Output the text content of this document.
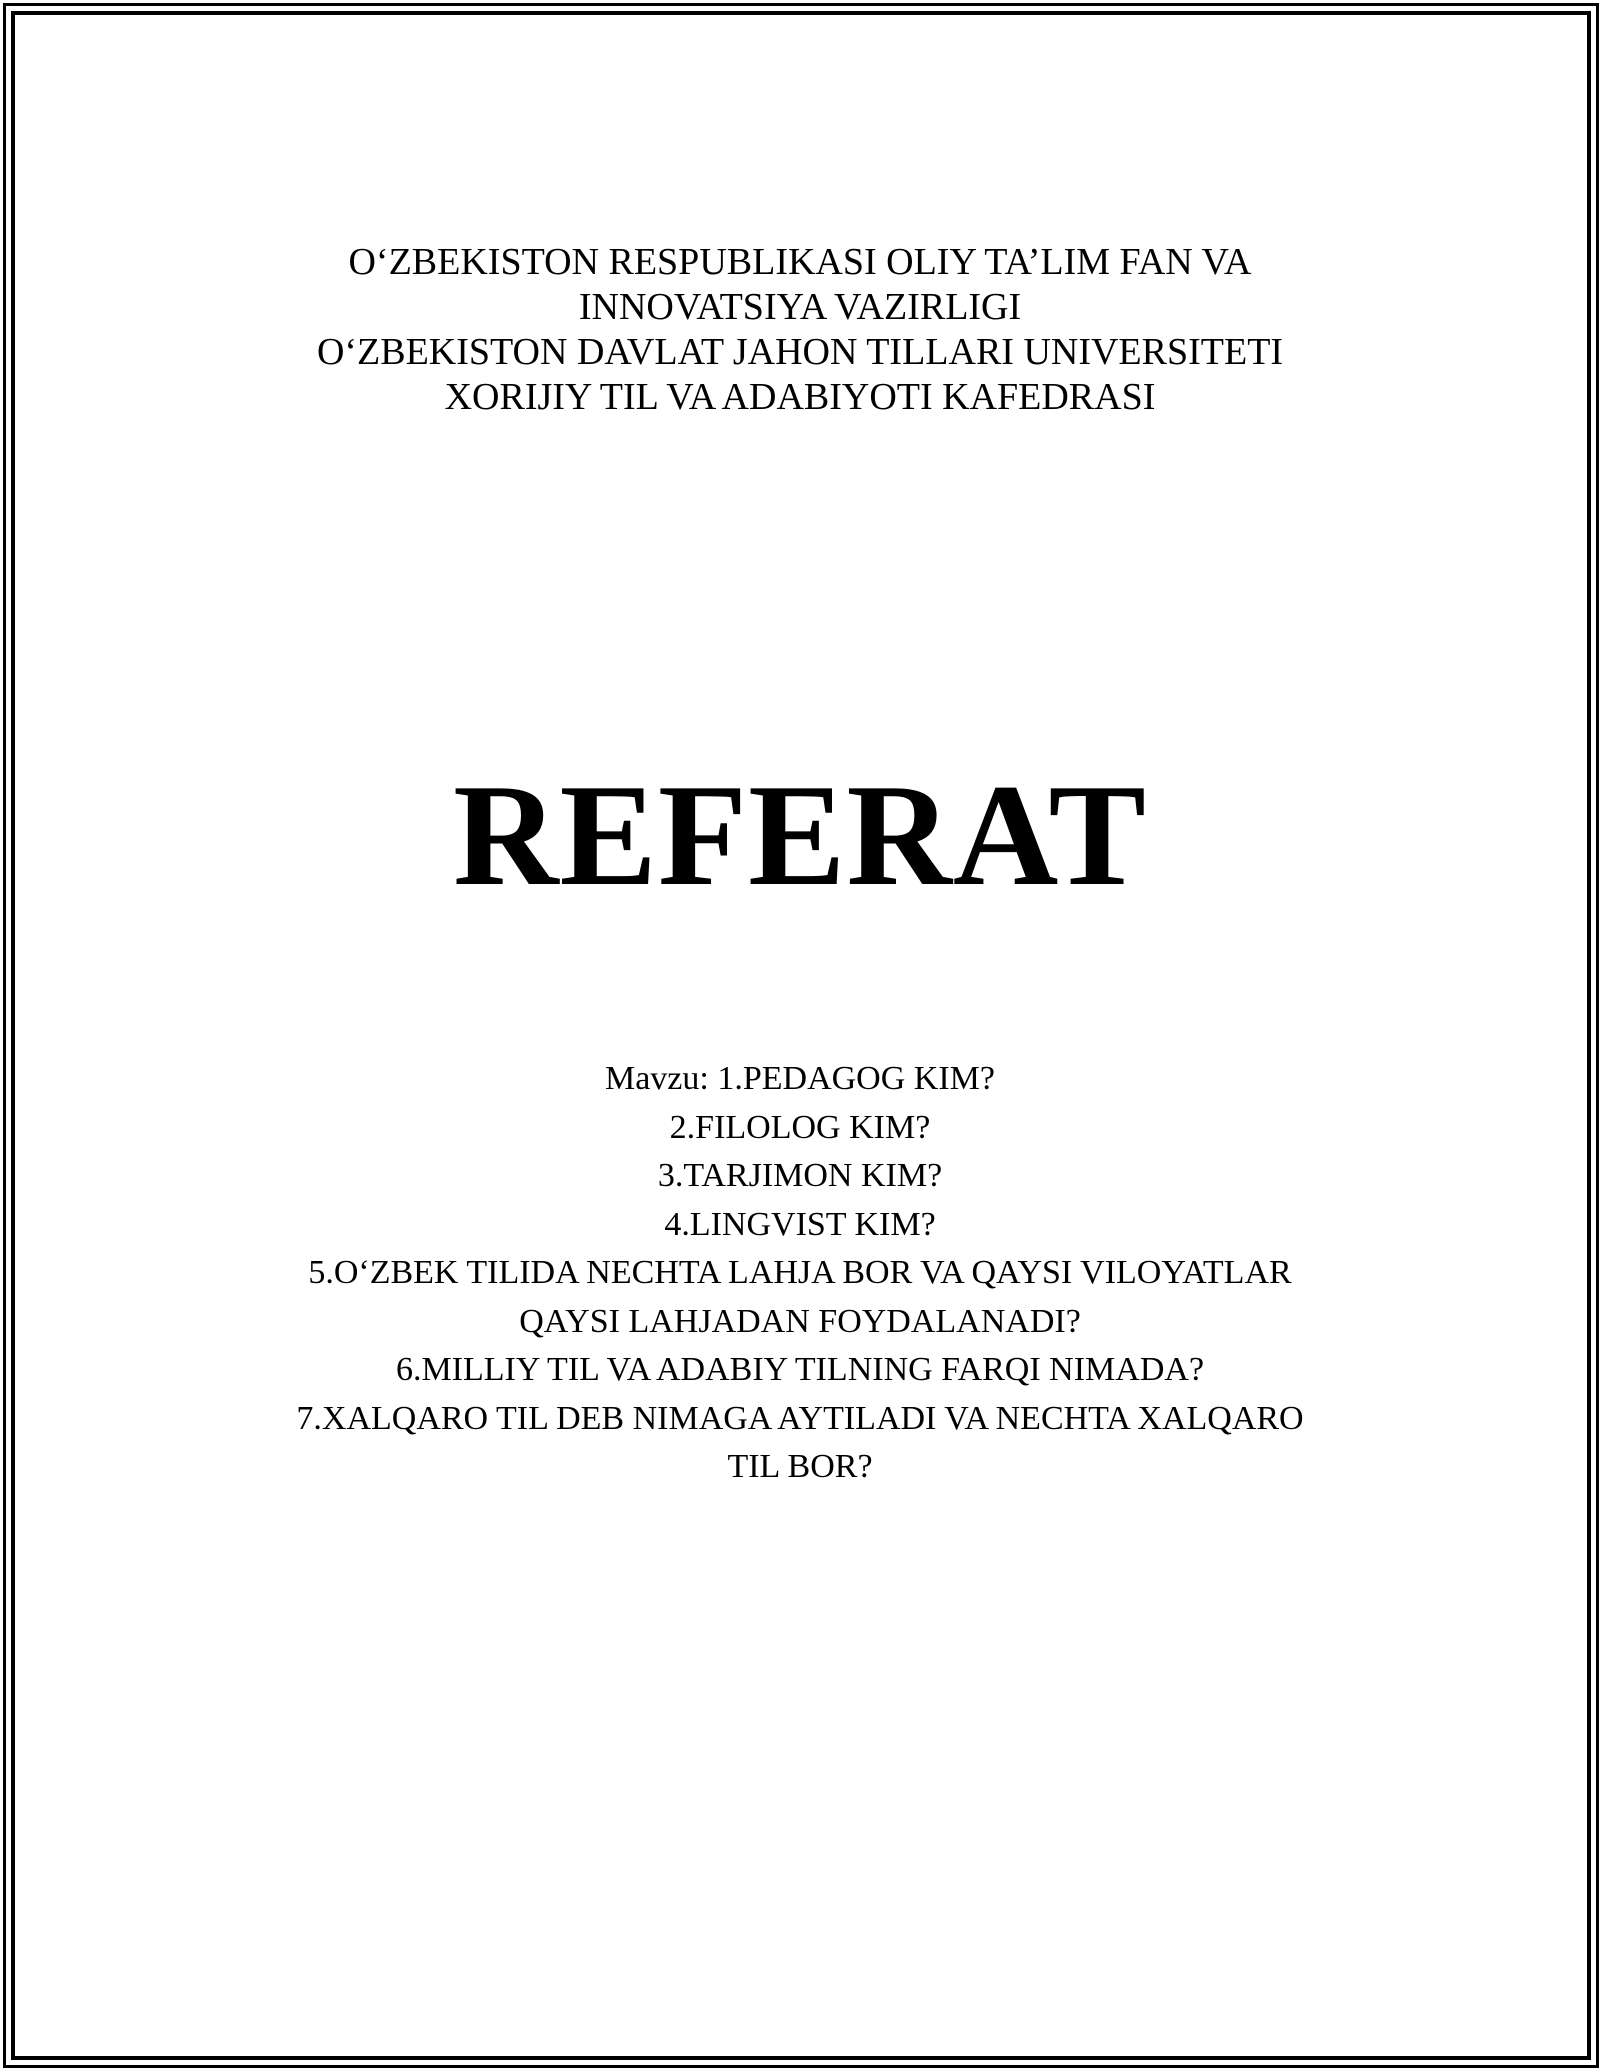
O‘ZBEKISTON RESPUBLIKASI OLIY TA’LIM FAN VA
INNOVATSIYA VAZIRLIGI
O‘ZBEKISTON DAVLAT JAHON TILLARI UNIVERSITETI
XORIJIY TIL VA ADABIYOTI KAFEDRASI
REFERAT
Mavzu: 1.PEDAGOG KIM?
2.FILOLOG KIM?
3.TARJIMON KIM?
4.LINGVIST KIM?
5.O‘ZBEK TILIDA NECHTA LAHJA BOR VA QAYSI VILOYATLAR
QAYSI LAHJADAN FOYDALANADI?
6.MILLIY TIL VA ADABIY TILNING FARQI NIMADA?
7.XALQARO TIL DEB NIMAGA AYTILADI VA NECHTA XALQARO
TIL BOR?
